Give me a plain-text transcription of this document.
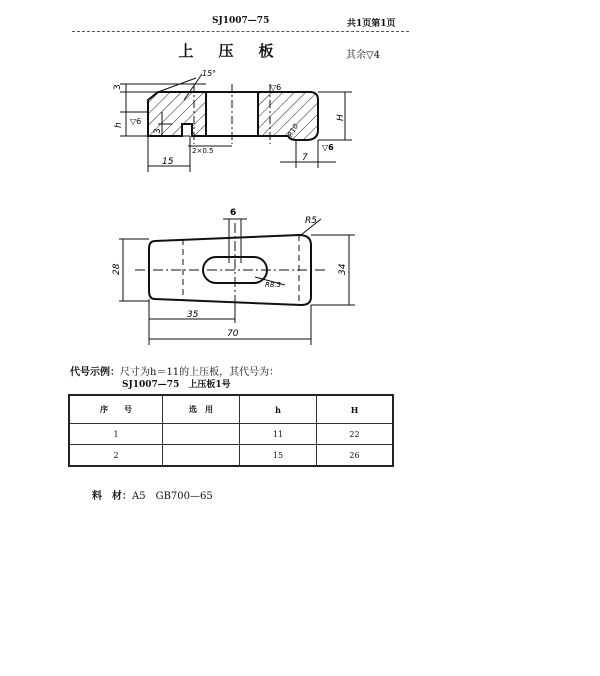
SJ1007—75	共1页第1页
上 压 板	其余▽4
3
15°
▽6
h ▽6
3
2×0.5
R10
H
15	7
▽6
6
R5
28	34
R8.5
35
70
代号示例：尺寸为h＝11的上压板，其代号为：
SJ1007—75　上压板1号
序　　号	选　用	h	H
1		11	22
2		15	26
料　材：A5　GB700—65
